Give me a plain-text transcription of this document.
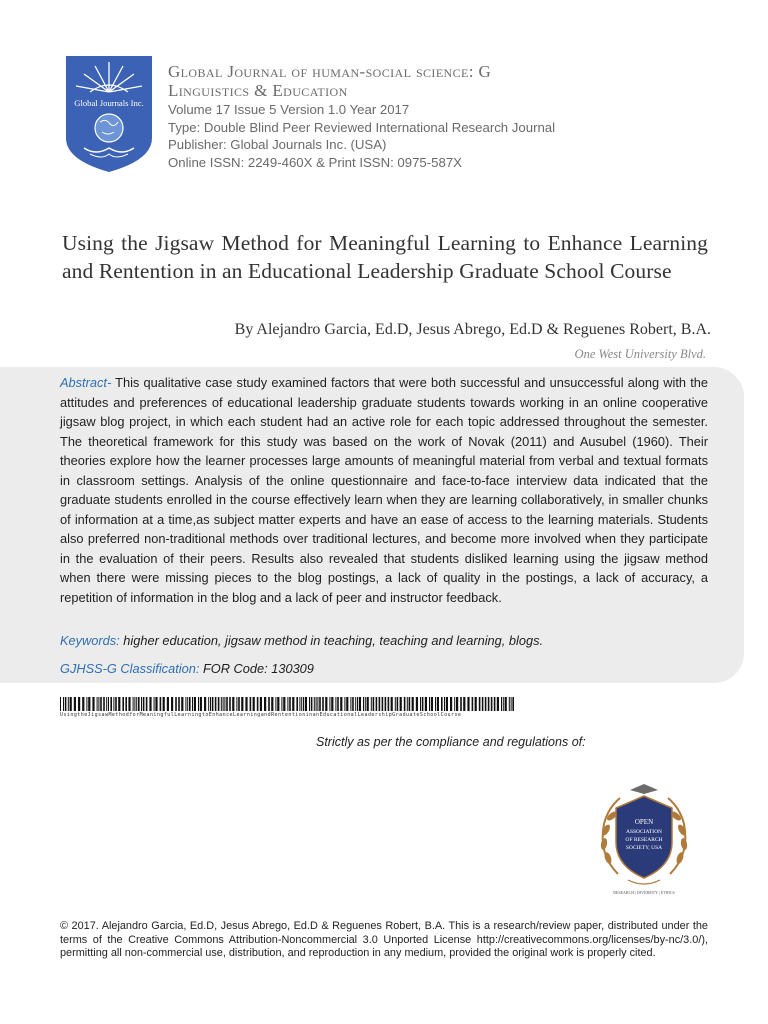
Global Journals Inc.
Global Journal of human-social science: G
Linguistics & Education
Volume 17 Issue 5 Version 1.0 Year 2017
Type: Double Blind Peer Reviewed International Research Journal
Publisher: Global Journals Inc. (USA)
Online ISSN: 2249-460X & Print ISSN: 0975-587X
Using the Jigsaw Method for Meaningful Learning to Enhance Learning and Rentention in an Educational Leadership Graduate School Course
By Alejandro Garcia, Ed.D, Jesus Abrego, Ed.D & Reguenes Robert, B.A.
One West University Blvd.
Abstract- This qualitative case study examined factors that were both successful and unsuccessful along with the attitudes and preferences of educational leadership graduate students towards working in an online cooperative jigsaw blog project, in which each student had an active role for each topic addressed throughout the semester. The theoretical framework for this study was based on the work of Novak (2011) and Ausubel (1960). Their theories explore how the learner processes large amounts of meaningful material from verbal and textual formats in classroom settings. Analysis of the online questionnaire and face-to-face interview data indicated that the graduate students enrolled in the course effectively learn when they are learning collaboratively, in smaller chunks of information at a time,as subject matter experts and have an ease of access to the learning materials. Students also preferred non-traditional methods over traditional lectures, and become more involved when they participate in the evaluation of their peers. Results also revealed that students disliked learning using the jigsaw method when there were missing pieces to the blog postings, a lack of quality in the postings, a lack of accuracy, a repetition of information in the blog and a lack of peer and instructor feedback.
Keywords: higher education, jigsaw method in teaching, teaching and learning, blogs.
GJHSS-G Classification: FOR Code: 130309
UsingtheJigsawMethodforMeaningfulLearningtoEnhanceLearningandRententioninanEducationalLeadershipGraduateSchoolCourse
Strictly as per the compliance and regulations of:
OPEN
ASSOCIATION
OF RESEARCH
SOCIETY, USA
RESEARCH | DIVERSITY | ETHICS
© 2017. Alejandro Garcia, Ed.D, Jesus Abrego, Ed.D & Reguenes Robert, B.A. This is a research/review paper, distributed under the terms of the Creative Commons Attribution-Noncommercial 3.0 Unported License http://creativecommons.org/licenses/by-nc/3.0/), permitting all non-commercial use, distribution, and reproduction in any medium, provided the original work is properly cited.
